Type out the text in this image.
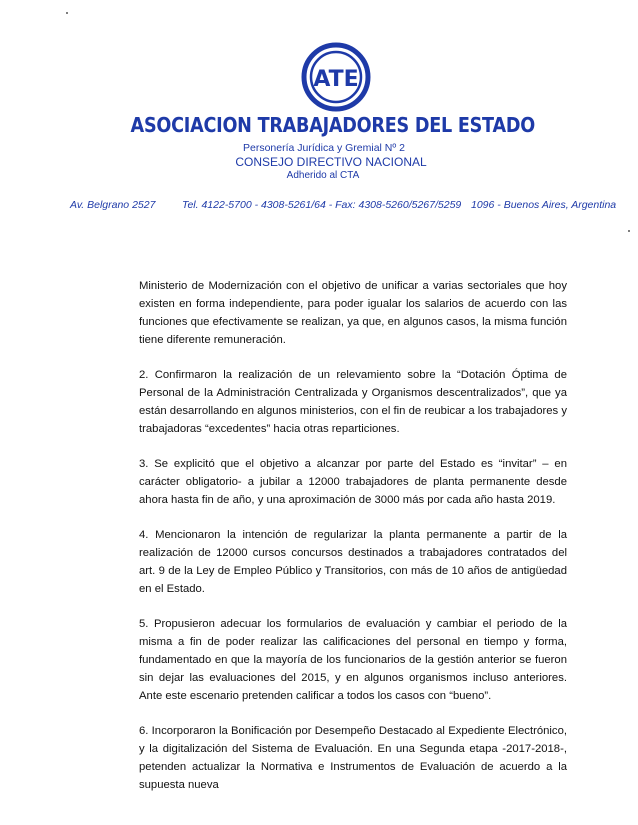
ATE
ASOCIACION TRABAJADORES DEL ESTADO
Personería Jurídica y Gremial Nº 2
CONSEJO DIRECTIVO NACIONAL
Adherido al CTA
Av. Belgrano 2527	Tel. 4122-5700 - 4308-5261/64 - Fax: 4308-5260/5267/5259 1096 - Buenos Aires, Argentina

Ministerio de Modernización con el objetivo de unificar a varias sectoriales que hoy existen en forma independiente, para poder igualar los salarios de acuerdo con las funciones que efectivamente se realizan, ya que, en algunos casos, la misma función tiene diferente remuneración.

2. Confirmaron la realización de un relevamiento sobre la “Dotación Óptima de Personal de la Administración Centralizada y Organismos descentralizados”, que ya están desarrollando en algunos ministerios, con el fin de reubicar a los trabajadores y trabajadoras “excedentes” hacia otras reparticiones.

3. Se explicitó que el objetivo a alcanzar por parte del Estado es “invitar” – en carácter obligatorio- a jubilar a 12000 trabajadores de planta permanente desde ahora hasta fin de año, y una aproximación de 3000 más por cada año hasta 2019.

4. Mencionaron la intención de regularizar la planta permanente a partir de la realización de 12000 cursos concursos destinados a trabajadores contratados del art. 9 de la Ley de Empleo Público y Transitorios, con más de 10 años de antigüedad en el Estado.

5. Propusieron adecuar los formularios de evaluación y cambiar el periodo de la misma a fin de poder realizar las calificaciones del personal en tiempo y forma, fundamentado en que la mayoría de los funcionarios de la gestión anterior se fueron sin dejar las evaluaciones del 2015, y en algunos organismos incluso anteriores. Ante este escenario pretenden calificar a todos los casos con “bueno”.

6. Incorporaron la Bonificación por Desempeño Destacado al Expediente Electrónico, y la digitalización del Sistema de Evaluación. En una Segunda etapa -2017-2018-, petenden actualizar la Normativa e Instrumentos de Evaluación de acuerdo a la supuesta nueva
